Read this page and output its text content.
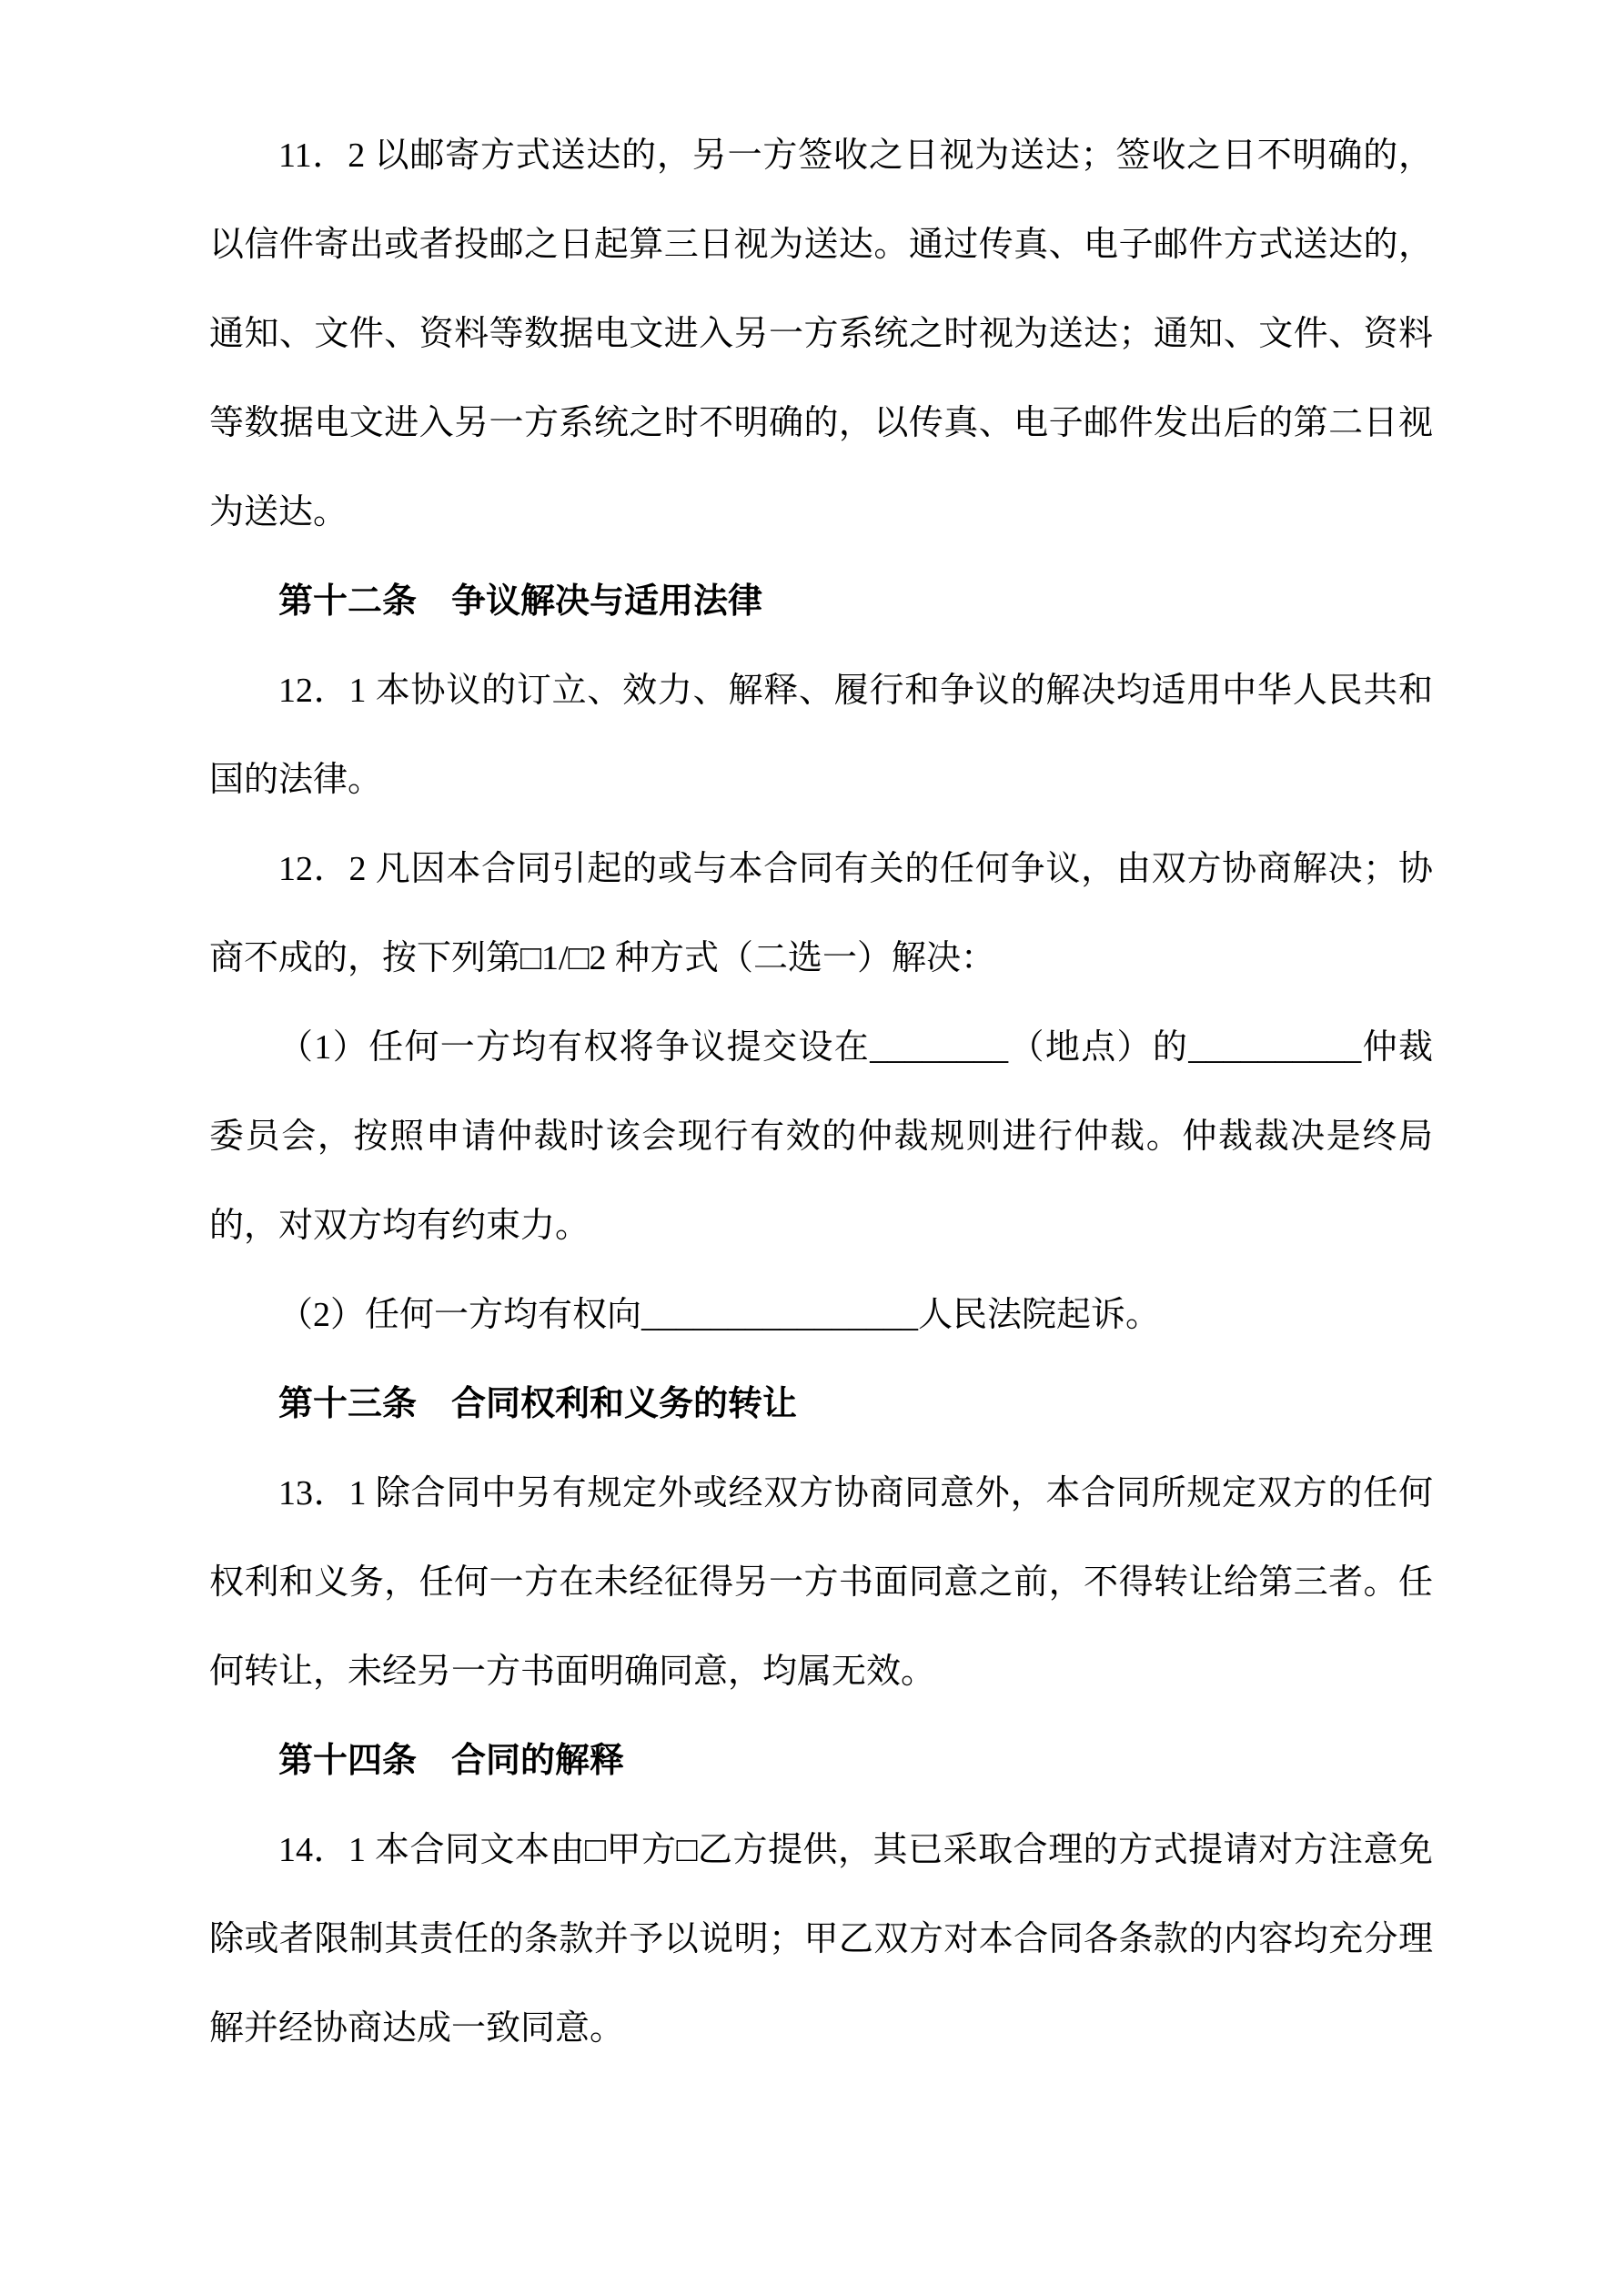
11．2 以邮寄方式送达的，另一方签收之日视为送达；签收之日不明确的，以信件寄出或者投邮之日起算三日视为送达。通过传真、电子邮件方式送达的，通知、文件、资料等数据电文进入另一方系统之时视为送达；通知、文件、资料等数据电文进入另一方系统之时不明确的，以传真、电子邮件发出后的第二日视为送达。

第十二条　争议解决与适用法律

12．1 本协议的订立、效力、解释、履行和争议的解决均适用中华人民共和国的法律。

12．2 凡因本合同引起的或与本合同有关的任何争议，由双方协商解决；协商不成的，按下列第□1/□2 种方式（二选一）解决：

（1）任何一方均有权将争议提交设在________（地点）的__________仲裁委员会，按照申请仲裁时该会现行有效的仲裁规则进行仲裁。仲裁裁决是终局的，对双方均有约束力。

（2）任何一方均有权向________________人民法院起诉。

第十三条　合同权利和义务的转让

13．1 除合同中另有规定外或经双方协商同意外，本合同所规定双方的任何权利和义务，任何一方在未经征得另一方书面同意之前，不得转让给第三者。任何转让，未经另一方书面明确同意，均属无效。

第十四条　合同的解释

14．1 本合同文本由□甲方□乙方提供，其已采取合理的方式提请对方注意免除或者限制其责任的条款并予以说明；甲乙双方对本合同各条款的内容均充分理解并经协商达成一致同意。
